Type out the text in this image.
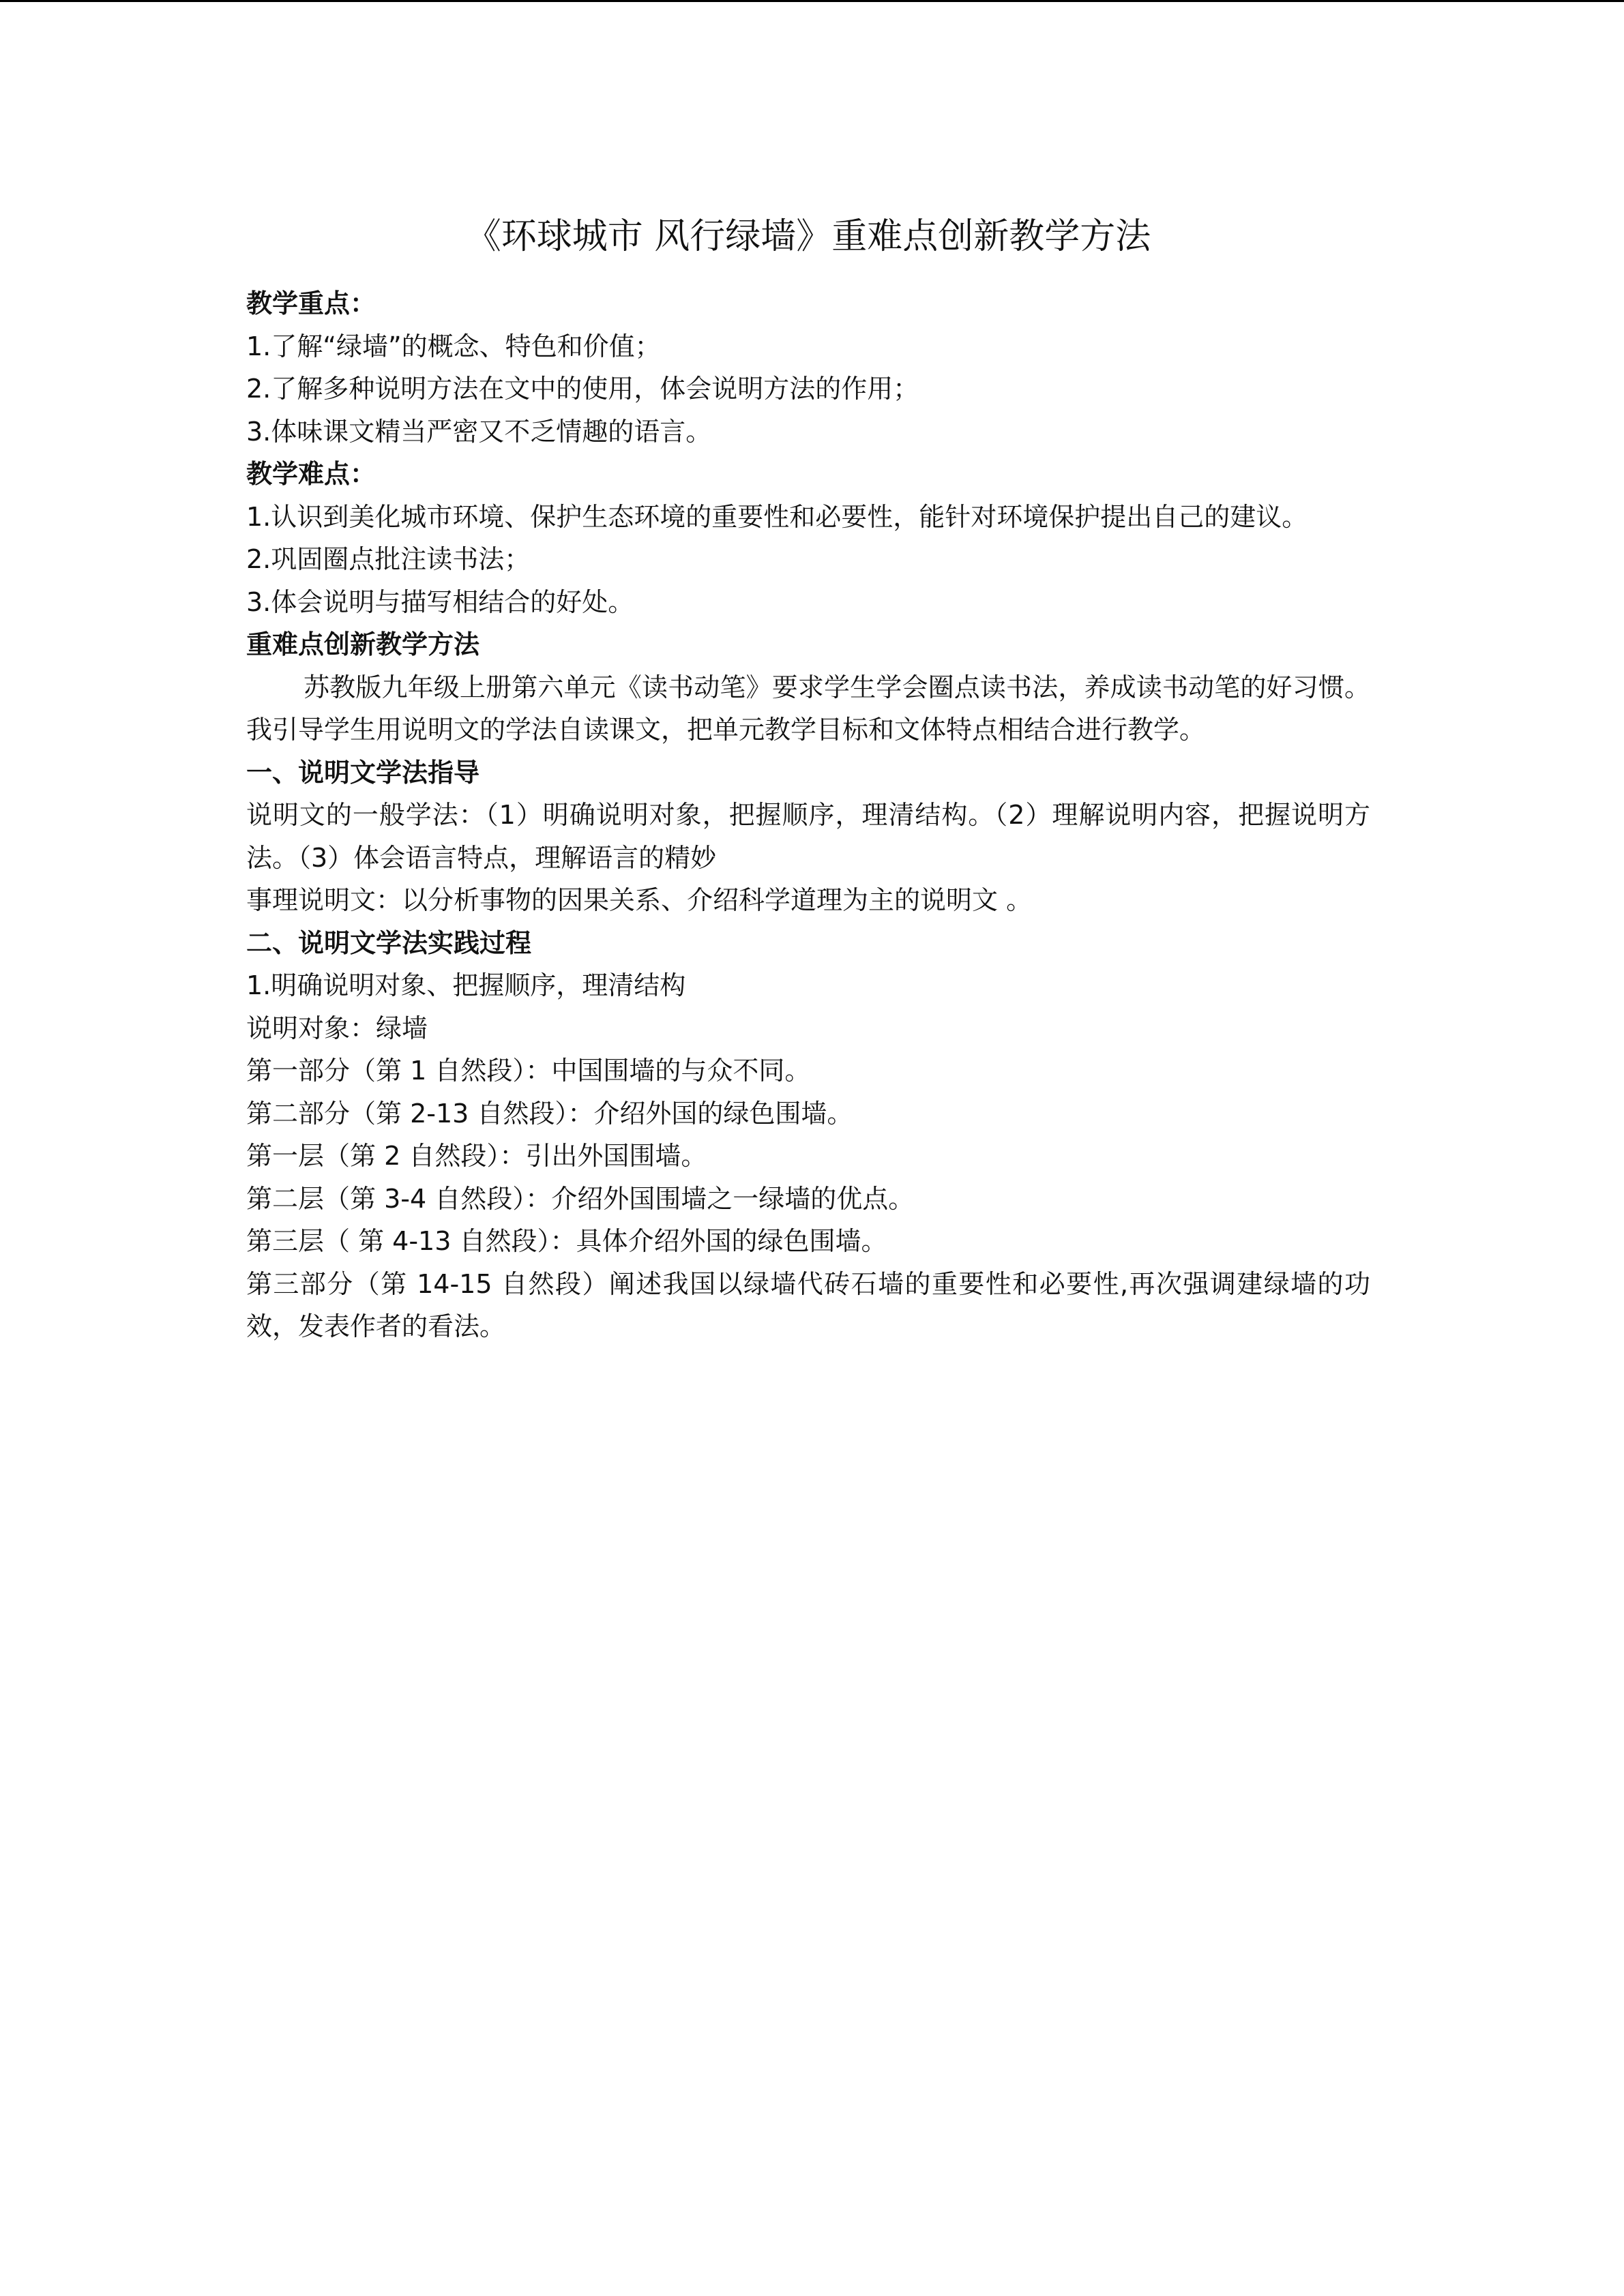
《环球城市 风行绿墙》重难点创新教学方法
教学重点：
1.了解“绿墙”的概念、特色和价值；
2.了解多种说明方法在文中的使用，体会说明方法的作用；
3.体味课文精当严密又不乏情趣的语言。
教学难点：
1.认识到美化城市环境、保护生态环境的重要性和必要性，能针对环境保护提出自己的建议。
2.巩固圈点批注读书法；
3.体会说明与描写相结合的好处。
重难点创新教学方法
苏教版九年级上册第六单元《读书动笔》要求学生学会圈点读书法，养成读书动笔的好习惯。我引导学生用说明文的学法自读课文，把单元教学目标和文体特点相结合进行教学。
一、说明文学法指导
说明文的一般学法：（1）明确说明对象，把握顺序，理清结构。（2）理解说明内容，把握说明方法。（3）体会语言特点，理解语言的精妙
事理说明文：以分析事物的因果关系、介绍科学道理为主的说明文 。
二、说明文学法实践过程
1.明确说明对象、把握顺序，理清结构
说明对象：绿墙
第一部分（第 1 自然段）：中国围墙的与众不同。
第二部分（第 2-13 自然段）：介绍外国的绿色围墙。
第一层（第 2 自然段）：引出外国围墙。
第二层（第 3-4 自然段）：介绍外国围墙之一绿墙的优点。
第三层（ 第 4-13 自然段）：具体介绍外国的绿色围墙。
第三部分（第 14-15 自然段）阐述我国以绿墙代砖石墙的重要性和必要性,再次强调建绿墙的功效，发表作者的看法。
